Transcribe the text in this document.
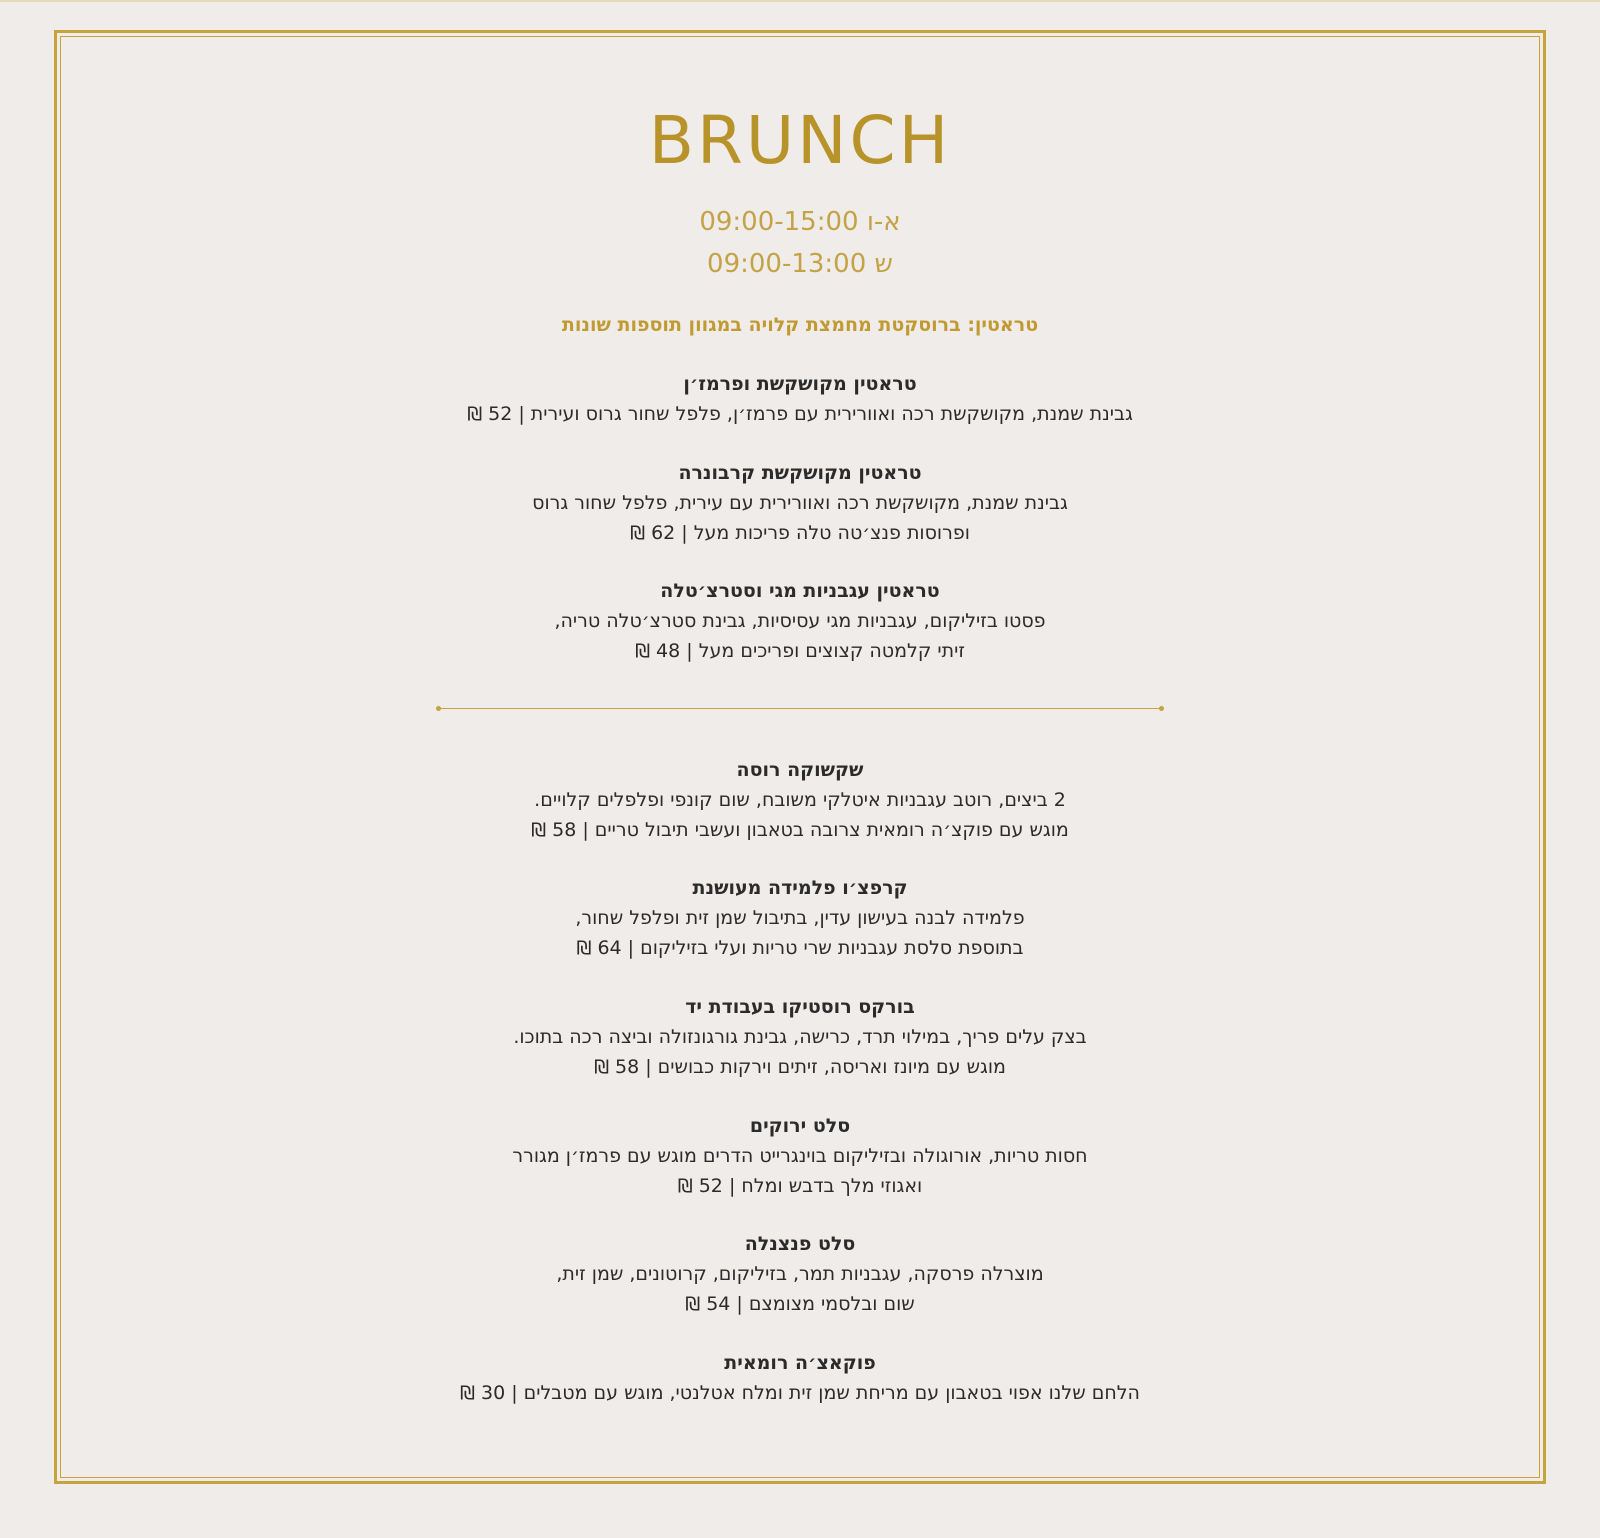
BRUNCH
א-ו 09:00-15:00
ש 09:00-13:00
טראטין: ברוסקטת מחמצת קלויה במגוון תוספות שונות
טראטין מקושקשת ופרמז׳ן
גבינת שמנת, מקושקשת רכה ואוורירית עם פרמז׳ן, פלפל שחור גרוס ועירית | 52 ₪
טראטין מקושקשת קרבונרה
גבינת שמנת, מקושקשת רכה ואוורירית עם עירית, פלפל שחור גרוס
ופרוסות פנצ׳טה טלה פריכות מעל | 62 ₪
טראטין עגבניות מגי וסטרצ׳טלה
פסטו בזיליקום, עגבניות מגי עסיסיות, גבינת סטרצ׳טלה טריה,
זיתי קלמטה קצוצים ופריכים מעל | 48 ₪
שקשוקה רוסה
2 ביצים, רוטב עגבניות איטלקי משובח, שום קונפי ופלפלים קלויים.
מוגש עם פוקצ׳ה רומאית צרובה בטאבון ועשבי תיבול טריים | 58 ₪
קרפצ׳ו פלמידה מעושנת
פלמידה לבנה בעישון עדין, בתיבול שמן זית ופלפל שחור,
בתוספת סלסת עגבניות שרי טריות ועלי בזיליקום | 64 ₪
בורקס רוסטיקו בעבודת יד
בצק עלים פריך, במילוי תרד, כרישה, גבינת גורגונזולה וביצה רכה בתוכו.
מוגש עם מיונז ואריסה, זיתים וירקות כבושים | 58 ₪
סלט ירוקים
חסות טריות, אורוגולה ובזיליקום בוינגרייט הדרים מוגש עם פרמז׳ן מגורר
ואגוזי מלך בדבש ומלח | 52 ₪
סלט פנצנלה
מוצרלה פרסקה, עגבניות תמר, בזיליקום, קרוטונים, שמן זית,
שום ובלסמי מצומצם | 54 ₪
פוקאצ׳ה רומאית
הלחם שלנו אפוי בטאבון עם מריחת שמן זית ומלח אטלנטי, מוגש עם מטבלים | 30 ₪
